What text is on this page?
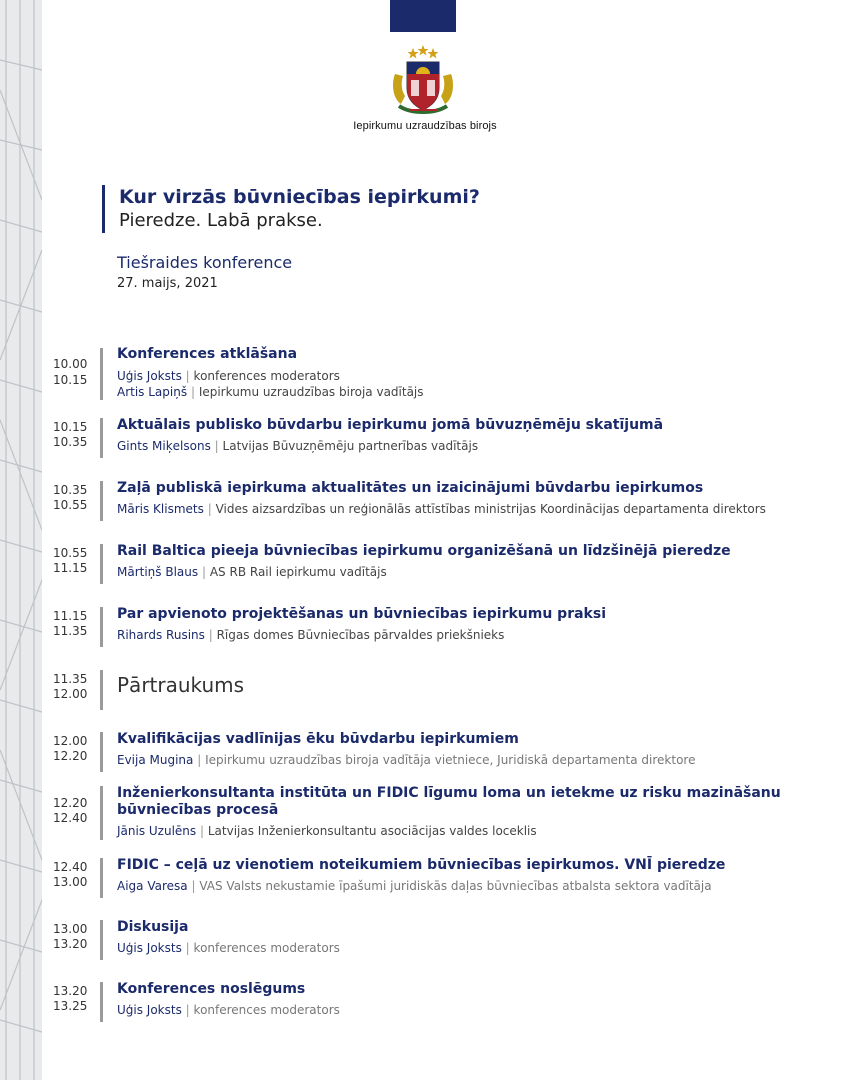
Iepirkumu uzraudzības birojs
Kur virzās būvniecības iepirkumi?
Pieredze. Labā prakse.
Tiešraides konference
27. maijs, 2021
10.00
10.15
Konferences atklāšana
Uģis Joksts | konferences moderators
Artis Lapiņš | Iepirkumu uzraudzības biroja vadītājs
10.15
10.35
Aktuālais publisko būvdarbu iepirkumu jomā būvuzņēmēju skatījumā
Gints Miķelsons | Latvijas Būvuzņēmēju partnerības vadītājs
10.35
10.55
Zaļā publiskā iepirkuma aktualitātes un izaicinājumi būvdarbu iepirkumos
Māris Klismets | Vides aizsardzības un reģionālās attīstības ministrijas Koordinācijas departamenta direktors
10.55
11.15
Rail Baltica pieeja būvniecības iepirkumu organizēšanā un līdzšinējā pieredze
Mārtiņš Blaus | AS RB Rail iepirkumu vadītājs
11.15
11.35
Par apvienoto projektēšanas un būvniecības iepirkumu praksi
Rihards Rusins | Rīgas domes Būvniecības pārvaldes priekšnieks
11.35
12.00	Pārtraukums
12.00
12.20
Kvalifikācijas vadlīnijas ēku būvdarbu iepirkumiem
Evija Mugina | Iepirkumu uzraudzības biroja vadītāja vietniece, Juridiskā departamenta direktore
12.20
12.40
Inženierkonsultanta institūta un FIDIC līgumu loma un ietekme uz risku mazināšanu
būvniecības procesā
Jānis Uzulēns | Latvijas Inženierkonsultantu asociācijas valdes loceklis
12.40
13.00
FIDIC – ceļā uz vienotiem noteikumiem būvniecības iepirkumos. VNĪ pieredze
Aiga Varesa | VAS Valsts nekustamie īpašumi juridiskās daļas būvniecības atbalsta sektora vadītāja
13.00
13.20
Diskusija
Uģis Joksts | konferences moderators
13.20
13.25
Konferences noslēgums
Uģis Joksts | konferences moderators
